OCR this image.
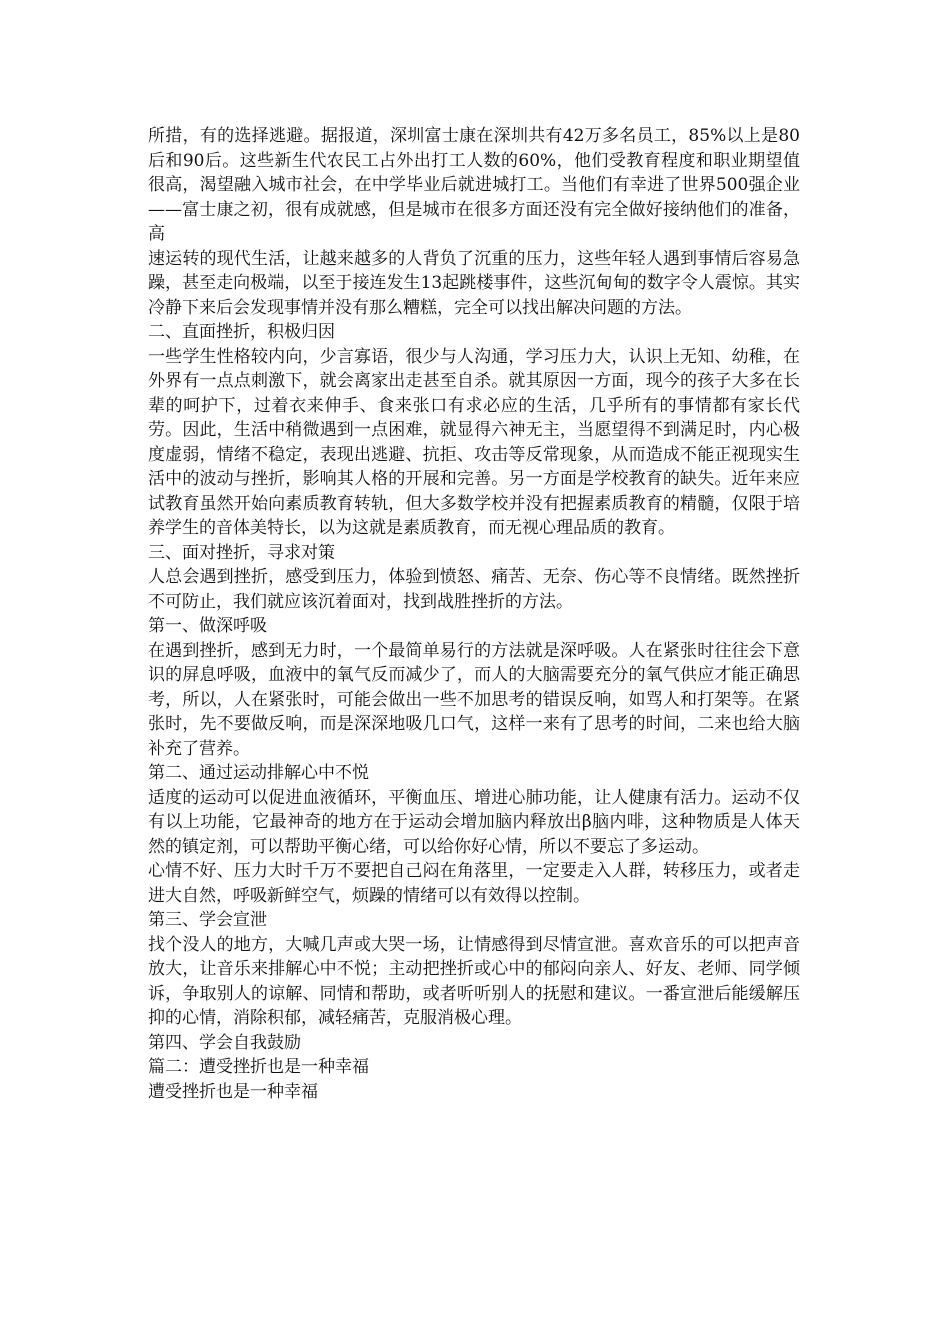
所措，有的选择逃避。据报道，深圳富士康在深圳共有42万多名员工，85%以上是80后和90后。这些新生代农民工占外出打工人数的60%，他们受教育程度和职业期望值很高，渴望融入城市社会，在中学毕业后就进城打工。当他们有幸进了世界500强企业——富士康之初，很有成就感，但是城市在很多方面还没有完全做好接纳他们的准备，高

速运转的现代生活，让越来越多的人背负了沉重的压力，这些年轻人遇到事情后容易急躁，甚至走向极端，以至于接连发生13起跳楼事件，这些沉甸甸的数字令人震惊。其实冷静下来后会发现事情并没有那么糟糕，完全可以找出解决问题的方法。

二、直面挫折，积极归因

一些学生性格较内向，少言寡语，很少与人沟通，学习压力大，认识上无知、幼稚，在外界有一点点刺激下，就会离家出走甚至自杀。就其原因一方面，现今的孩子大多在长辈的呵护下，过着衣来伸手、食来张口有求必应的生活，几乎所有的事情都有家长代劳。因此，生活中稍微遇到一点困难，就显得六神无主，当愿望得不到满足时，内心极度虚弱，情绪不稳定，表现出逃避、抗拒、攻击等反常现象，从而造成不能正视现实生活中的波动与挫折，影响其人格的开展和完善。另一方面是学校教育的缺失。近年来应试教育虽然开始向素质教育转轨，但大多数学校并没有把握素质教育的精髓，仅限于培养学生的音体美特长，以为这就是素质教育，而无视心理品质的教育。

三、面对挫折，寻求对策

人总会遇到挫折，感受到压力，体验到愤怒、痛苦、无奈、伤心等不良情绪。既然挫折不可防止，我们就应该沉着面对，找到战胜挫折的方法。

第一、做深呼吸

在遇到挫折，感到无力时，一个最简单易行的方法就是深呼吸。人在紧张时往往会下意识的屏息呼吸，血液中的氧气反而减少了，而人的大脑需要充分的氧气供应才能正确思考，所以，人在紧张时，可能会做出一些不加思考的错误反响，如骂人和打架等。在紧张时，先不要做反响，而是深深地吸几口气，这样一来有了思考的时间，二来也给大脑补充了营养。

第二、通过运动排解心中不悦

适度的运动可以促进血液循环，平衡血压、增进心肺功能，让人健康有活力。运动不仅有以上功能，它最神奇的地方在于运动会增加脑内释放出β脑内啡，这种物质是人体天然的镇定剂，可以帮助平衡心绪，可以给你好心情，所以不要忘了多运动。

心情不好、压力大时千万不要把自己闷在角落里，一定要走入人群，转移压力，或者走进大自然，呼吸新鲜空气，烦躁的情绪可以有效得以控制。

第三、学会宣泄

找个没人的地方，大喊几声或大哭一场，让情感得到尽情宣泄。喜欢音乐的可以把声音放大，让音乐来排解心中不悦；主动把挫折或心中的郁闷向亲人、好友、老师、同学倾诉，争取别人的谅解、同情和帮助，或者听听别人的抚慰和建议。一番宣泄后能缓解压抑的心情，消除积郁，减轻痛苦，克服消极心理。

第四、学会自我鼓励

篇二：遭受挫折也是一种幸福

遭受挫折也是一种幸福
